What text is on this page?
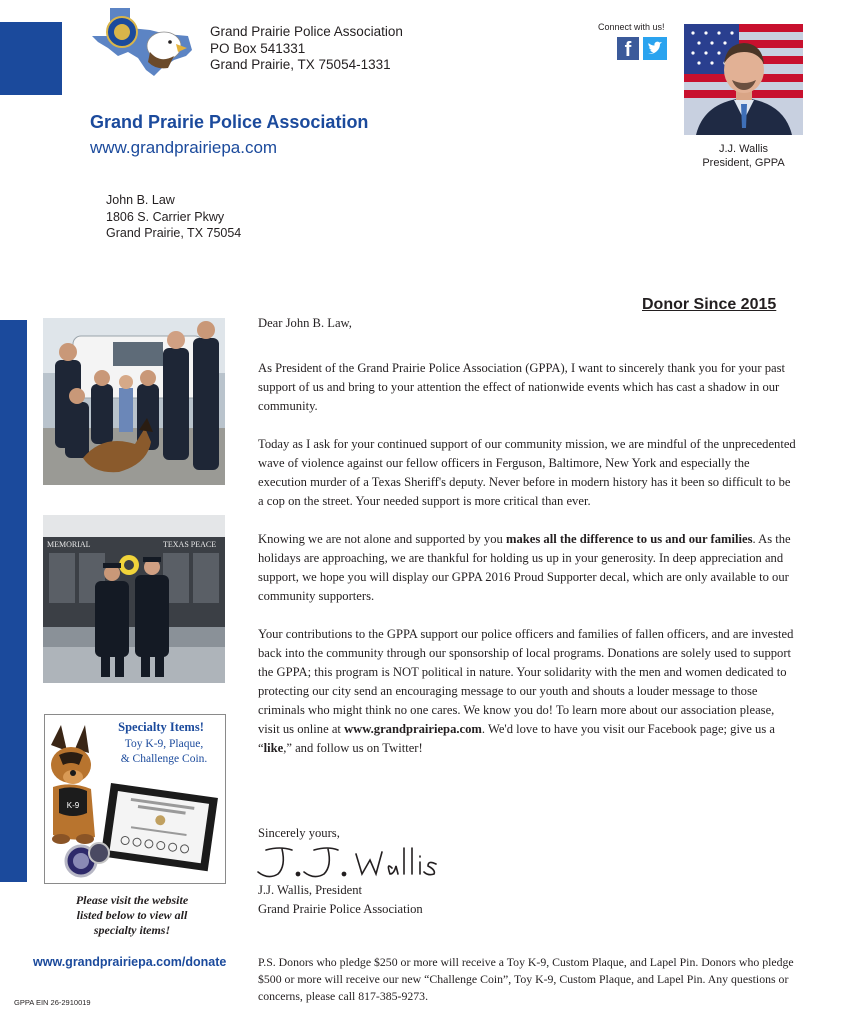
Grand Prairie Police Association
PO Box 541331
Grand Prairie, TX 75054-1331
Grand Prairie Police Association
www.grandprairiepa.com
Connect with us!
f
J.J. Wallis
President, GPPA
John B. Law
1806 S. Carrier Pkwy
Grand Prairie, TX 75054
Donor Since 2015
MEMORIAL	TEXAS PEACE
Specialty Items!
Toy K-9, Plaque,
& Challenge Coin.
K-9
Please visit the website
listed below to view all
specialty items!
www.grandprairiepa.com/donate
GPPA EIN 26-2910019

Dear John B. Law,

As President of the Grand Prairie Police Association (GPPA), I want to sincerely thank you for your past support of us and bring to your attention the effect of nationwide events which has cast a shadow in our community.

Today as I ask for your continued support of our community mission, we are mindful of the unprecedented wave of violence against our fellow officers in Ferguson, Baltimore, New York and especially the execution murder of a Texas Sheriff's deputy. Never before in modern history has it been so difficult to be a cop on the street. Your needed support is more critical than ever.

Knowing we are not alone and supported by you makes all the difference to us and our families. As the holidays are approaching, we are thankful for holding us up in your generosity. In deep appreciation and support, we hope you will display our GPPA 2016 Proud Supporter decal, which are only available to our community supporters.

Your contributions to the GPPA support our police officers and families of fallen officers, and are invested back into the community through our sponsorship of local programs. Donations are solely used to support the GPPA; this program is NOT political in nature. Your solidarity with the men and women dedicated to protecting our city send an encouraging message to our youth and shouts a louder message to those criminals who might think no one cares. We know you do! To learn more about our association please, visit us online at www.grandprairiepa.com. We'd love to have you visit our Facebook page; give us a “like,” and follow us on Twitter!

Sincerely yours,
J.J. Wallis, President
Grand Prairie Police Association
P.S. Donors who pledge $250 or more will receive a Toy K-9, Custom Plaque, and Lapel Pin. Donors who pledge $500 or more will receive our new “Challenge Coin”, Toy K-9, Custom Plaque, and Lapel Pin. Any questions or concerns, please call 817-385-9273.
